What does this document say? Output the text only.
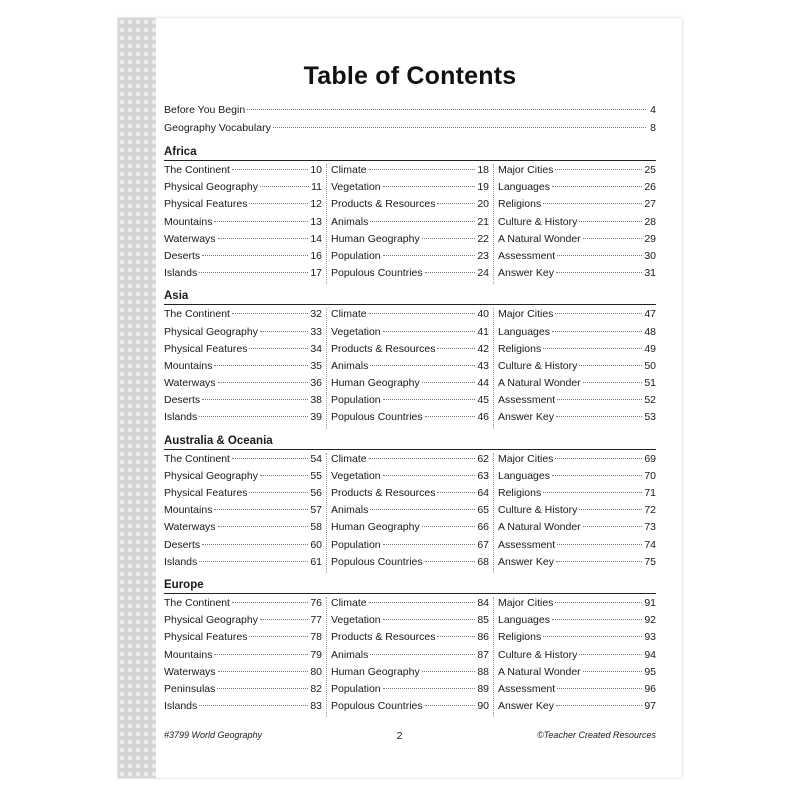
Table of Contents
Before You Begin	4
Geography Vocabulary	8
Africa
The Continent	10
Physical Geography	11
Physical Features	12
Mountains	13
Waterways	14
Deserts	16
Islands	17
Climate	18
Vegetation	19
Products & Resources	20
Animals	21
Human Geography	22
Population	23
Populous Countries	24
Major Cities	25
Languages	26
Religions	27
Culture & History	28
A Natural Wonder	29
Assessment	30
Answer Key	31
Asia
The Continent	32
Physical Geography	33
Physical Features	34
Mountains	35
Waterways	36
Deserts	38
Islands	39
Climate	40
Vegetation	41
Products & Resources	42
Animals	43
Human Geography	44
Population	45
Populous Countries	46
Major Cities	47
Languages	48
Religions	49
Culture & History	50
A Natural Wonder	51
Assessment	52
Answer Key	53
Australia & Oceania
The Continent	54
Physical Geography	55
Physical Features	56
Mountains	57
Waterways	58
Deserts	60
Islands	61
Climate	62
Vegetation	63
Products & Resources	64
Animals	65
Human Geography	66
Population	67
Populous Countries	68
Major Cities	69
Languages	70
Religions	71
Culture & History	72
A Natural Wonder	73
Assessment	74
Answer Key	75
Europe
The Continent	76
Physical Geography	77
Physical Features	78
Mountains	79
Waterways	80
Peninsulas	82
Islands	83
Climate	84
Vegetation	85
Products & Resources	86
Animals	87
Human Geography	88
Population	89
Populous Countries	90
Major Cities	91
Languages	92
Religions	93
Culture & History	94
A Natural Wonder	95
Assessment	96
Answer Key	97
#3799 World Geography	2	©Teacher Created Resources
